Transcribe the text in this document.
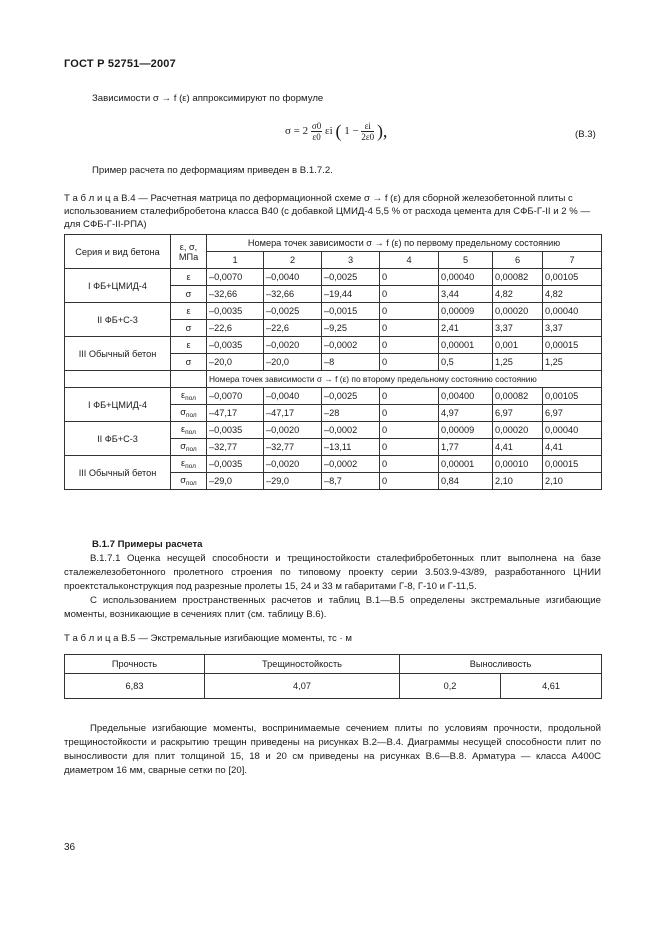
ГОСТ Р 52751—2007
Зависимости σ → f (ε) аппроксимируют по формуле
$\sigma = 2 \frac{\sigma 0}{\varepsilon 0}$ εi ( $1 - \frac{\varepsilon i}{2\varepsilon 0}$ ),	(В.3)
Пример расчета по деформациям приведен в В.1.7.2.
Т а б л и ц а В.4 — Расчетная матрица по деформационной схеме σ → f (ε) для сборной железобетонной плиты с использованием сталефибробетона класса В40 (с добавкой ЦМИД-4 5,5 % от расхода цемента для СФБ-Г-II и 2 % — для СФБ-Г-II-РПА)
Серия и вид бетона	ε, σ, МПа	Номера точек зависимости σ → f (ε) по первому предельному состоянию						
		1	2	3	4	5	6	7
I ФБ+ЦМИД-4	ε	–0,0070	–0,0040	–0,0025	0	0,00040	0,00082	0,00105
	σ	–32,66	–32,66	–19,44	0	3,44	4,82	4,82
II ФБ+С-3	ε	–0,0035	–0,0025	–0,0015	0	0,00009	0,00020	0,00040
	σ	–22,6	–22,6	–9,25	0	2,41	3,37	3,37
III Обычный бетон	ε	–0,0035	–0,0020	–0,0002	0	0,00001	0,001	0,00015
	σ	–20,0	–20,0	–8	0	0,5	1,25	1,25
		Номера точек зависимости σ → f (ε) по второму предельному состоянию состоянию						
I ФБ+ЦМИД-4	$\varepsilon_{пол}$	–0,0070	–0,0040	–0,0025	0	0,00400	0,00082	0,00105
	$\sigma_{пол}$	–47,17	–47,17	–28	0	4,97	6,97	6,97
II ФБ+С-3	$\varepsilon_{пол}$	–0,0035	–0,0020	–0,0002	0	0,00009	0,00020	0,00040
	$\sigma_{пол}$	–32,77	–32,77	–13,11	0	1,77	4,41	4,41
III Обычный бетон	$\varepsilon_{пол}$	–0,0035	–0,0020	–0,0002	0	0,00001	0,00010	0,00015
	$\sigma_{пол}$	–29,0	–29,0	–8,7	0	0,84	2,10	2,10
В.1.7 Примеры расчета
В.1.7.1 Оценка несущей способности и трещиностойкости сталефибробетонных плит выполнена на базе сталежелезобетонного пролетного строения по типовому проекту серии 3.503.9-43/89, разработанного ЦНИИ проектстальконструкция под разрезные пролеты 15, 24 и 33 м габаритами Г-8, Г-10 и Г-11,5.
С использованием пространственных расчетов и таблиц В.1—В.5 определены экстремальные изгибающие моменты, возникающие в сечениях плит (см. таблицу В.6).
Т а б л и ц а В.5 — Экстремальные изгибающие моменты, тс · м
Прочность	Трещиностойкость	Выносливость	
6,83	4,07	0,2	4,61
Предельные изгибающие моменты, воспринимаемые сечением плиты по условиям прочности, продольной трещиностойкости и раскрытию трещин приведены на рисунках В.2—В.4. Диаграммы несущей способности плит по выносливости для плит толщиной 15, 18 и 20 см приведены на рисунках В.6—В.8. Арматура — класса А400С диаметром 16 мм, сварные сетки по [20].
36
